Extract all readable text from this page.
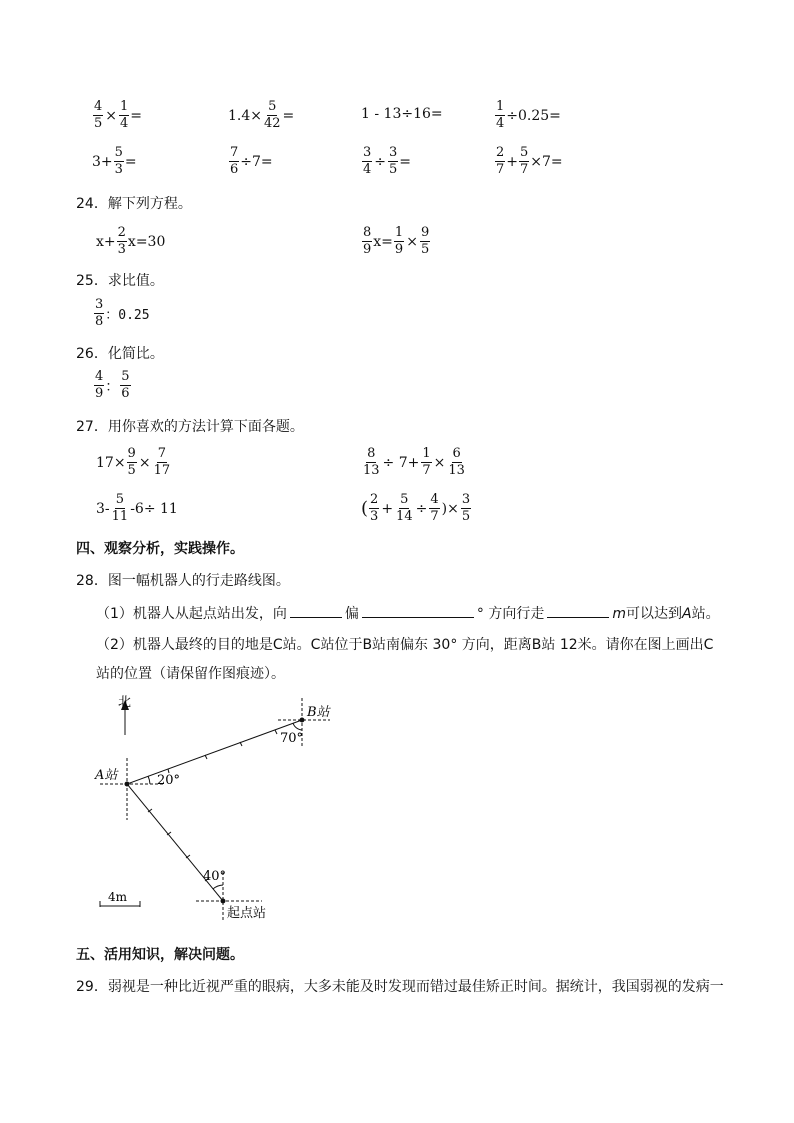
$\frac{4}{5} \times \frac{1}{4}$ =	$1.4\times \frac{5}{42}$ =	1 - 13÷16=	$\frac{1}{4} \div 0.25=$
$3+ \frac{5}{3}$ =	$\frac{7}{6} \div 7=$	$\frac{3}{4} \div \frac{3}{5}$ =	$\frac{2}{7} + \frac{5}{7} \times 7=$
24．解下列方程。
$x+ \frac{2}{3} x=30$	$\frac{8}{9} x= \frac{1}{9} \times \frac{9}{5}$
25．求比值。
$\frac{3}{8}$ ：0.25
26．化简比。
$\frac{4}{9}$ ： $\frac{5}{6}$
27．用你喜欢的方法计算下面各题。
$17\times \frac{9}{5} \times \frac{7}{17}$	$\frac{8}{13} \div 7+ \frac{1}{7} \times \frac{6}{13}$
$3- \frac{5}{11} -6\div 11$	( $\frac{2}{3} + \frac{5}{14} \div \frac{4}{7}$ )× $\frac{3}{5}$
四、观察分析，实践操作。
28．图一幅机器人的行走路线图。
（1）机器人从起点站出发，向	偏	° 方向行走	m可以达到A站。
（2）机器人最终的目的地是C站。C站位于B站南偏东 30° 方向，距离B站 12米。请你在图上画出C
站的位置（请保留作图痕迹）。
北
A站
B站
起点站
20°
70°
40°
4m
五、活用知识，解决问题。
29．弱视是一种比近视严重的眼病，大多未能及时发现而错过最佳矫正时间。据统计，我国弱视的发病一
